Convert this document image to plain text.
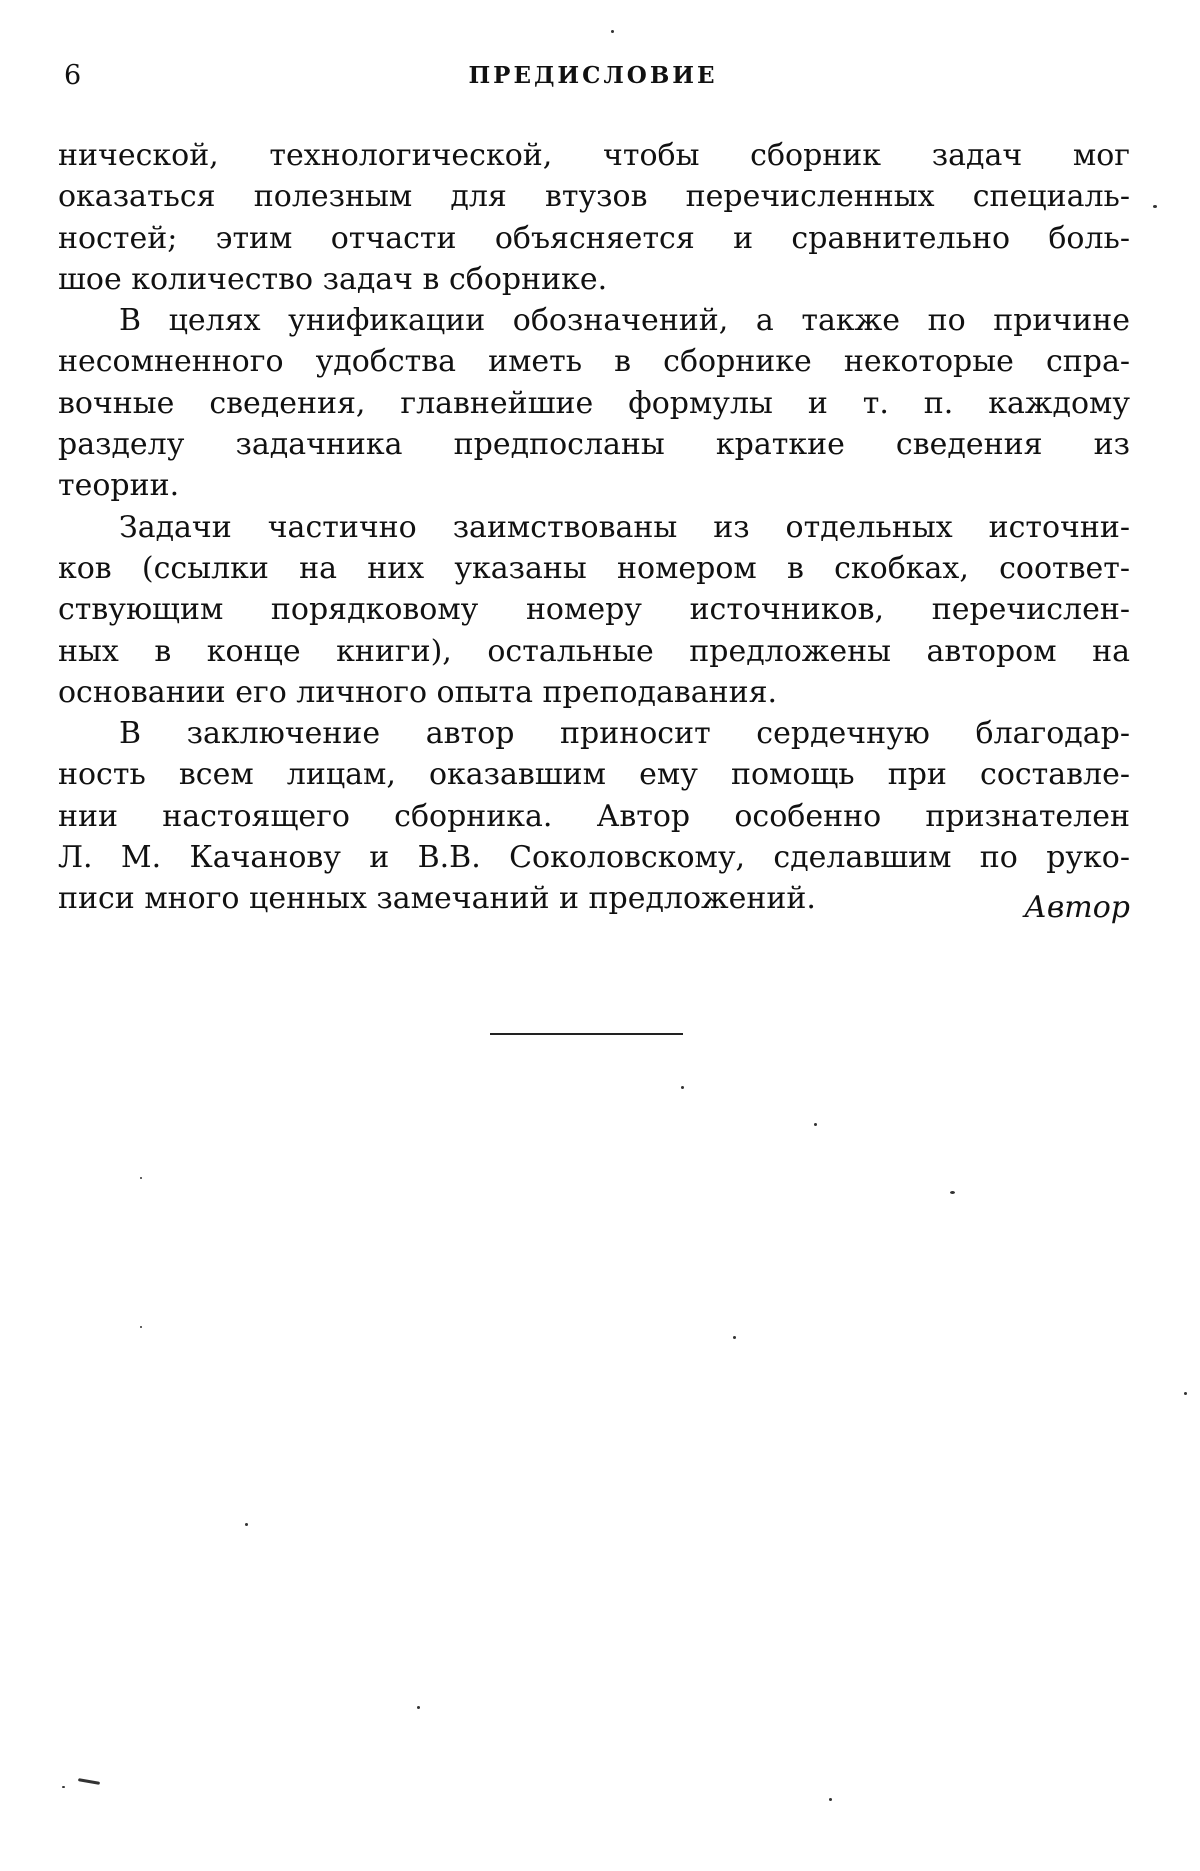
6	ПРЕДИСЛОВИЕ

нической, технологической, чтобы сборник задач мог
оказаться полезным для втузов перечисленных специаль-
ностей; этим отчасти объясняется и сравнительно боль-
шое количество задач в сборнике.

В целях унификации обозначений, а также по причине
несомненного удобства иметь в сборнике некоторые спра-
вочные сведения, главнейшие формулы и т. п. каждому
разделу задачника предпосланы краткие сведения из
теории.

Задачи частично заимствованы из отдельных источни-
ков (ссылки на них указаны номером в скобках, соответ-
ствующим порядковому номеру источников, перечислен-
ных в конце книги), остальные предложены автором на
основании его личного опыта преподавания.

В заключение автор приносит сердечную благодар-
ность всем лицам, оказавшим ему помощь при составле-
нии настоящего сборника. Автор особенно признателен
Л. М. Качанову и В.В. Соколовскому, сделавшим по руко-
писи много ценных замечаний и предложений.	Автор
